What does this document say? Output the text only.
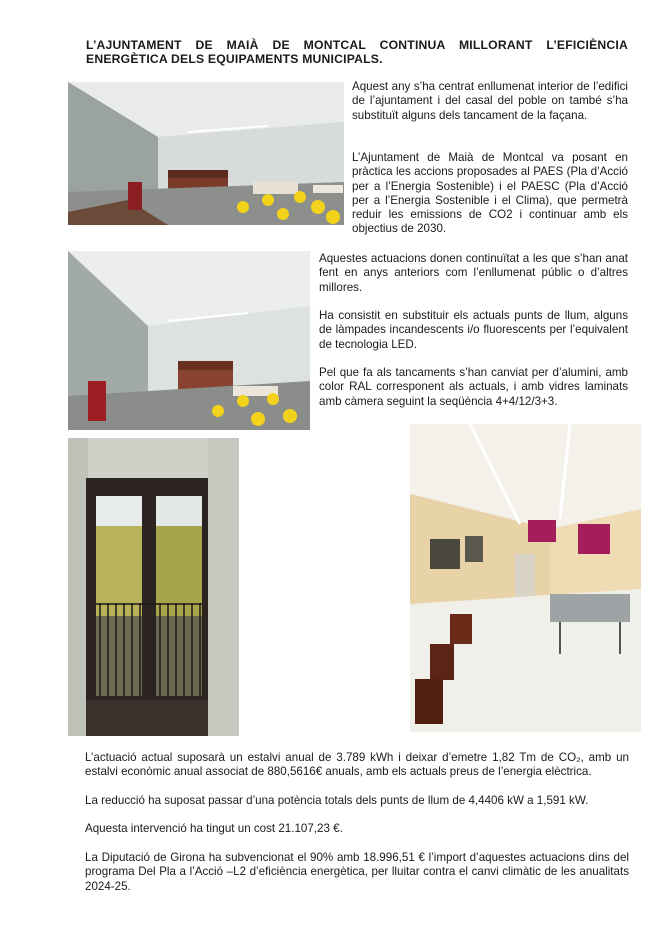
L’AJUNTAMENT DE MAIÀ DE MONTCAL CONTINUA MILLORANT L’EFICIÈNCIA ENERGÈTICA DELS EQUIPAMENTS MUNICIPALS.

Aquest any s’ha centrat enllumenat interior de l’edifici de l’ajuntament i del casal del poble on també s’ha substituït alguns dels tancament de la façana.

L’Ajuntament de Maià de Montcal va posant en pràctica les accions proposades al PAES (Pla d’Acció per a l’Energia Sostenible) i el PAESC (Pla d’Acció per a l’Energia Sostenible i el Clima), que permetrà reduir les emissions de CO2 i continuar amb els objectius de 2030.

Aquestes actuacions donen continuïtat a les que s’han anat fent en anys anteriors com l’enllumenat públic o d’altres millores.

Ha consistit en substituir els actuals punts de llum, alguns de làmpades incandescents i/o fluorescents per l’equivalent de tecnologia LED.

Pel que fa als tancaments s’han canviat per d’alumini, amb color RAL corresponent als actuals, i amb vidres laminats amb càmera seguint la seqüència 4+4/12/3+3.

L’actuació actual suposarà un estalvi anual de 3.789 kWh i deixar d’emetre 1,82 Tm de CO₂, amb un estalvi econòmic anual associat de 880,5616€ anuals, amb els actuals preus de l’energia elèctrica.
La reducció ha suposat passar d’una potència totals dels punts de llum de 4,4406 kW a 1,591 kW.
Aquesta intervenció ha tingut un cost 21.107,23 €.
La Diputació de Girona ha subvencionat el 90% amb 18.996,51 € l’import d’aquestes actuacions dins del programa Del Pla a l’Acció –L2 d’eficiència energètica, per lluitar contra el canvi climàtic de les anualitats 2024-25.
